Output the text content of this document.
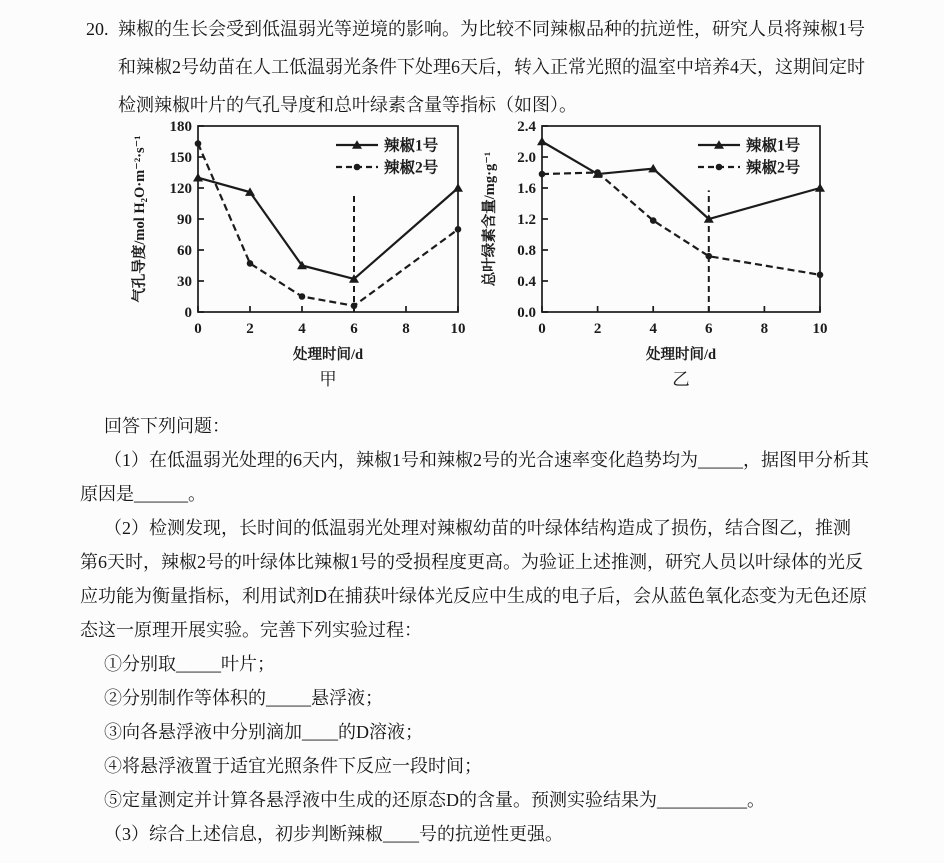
20. 辣椒的生长会受到低温弱光等逆境的影响。为比较不同辣椒品种的抗逆性，研究人员将辣椒1号
和辣椒2号幼苗在人工低温弱光条件下处理6天后，转入正常光照的温室中培养4天，这期间定时
检测辣椒叶片的气孔导度和总叶绿素含量等指标（如图）。
0
30
60
90
120
150
180
0	2	4	6	8	10
辣椒1号
辣椒2号
处理时间/d
气孔导度/mol H₂O·m⁻²·s⁻¹
甲
0.0
0.4
0.8
1.2
1.6
2.0
2.4
0	2	4	6	8	10
辣椒1号
辣椒2号
处理时间/d
总叶绿素含量/mg·g⁻¹
乙
回答下列问题：
（1）在低温弱光处理的6天内，辣椒1号和辣椒2号的光合速率变化趋势均为_____，据图甲分析其
原因是______。
（2）检测发现，长时间的低温弱光处理对辣椒幼苗的叶绿体结构造成了损伤，结合图乙，推测
第6天时，辣椒2号的叶绿体比辣椒1号的受损程度更高。为验证上述推测，研究人员以叶绿体的光反
应功能为衡量指标，利用试剂D在捕获叶绿体光反应中生成的电子后，会从蓝色氧化态变为无色还原
态这一原理开展实验。完善下列实验过程：
①分别取_____叶片；
②分别制作等体积的_____悬浮液；
③向各悬浮液中分别滴加____的D溶液；
④将悬浮液置于适宜光照条件下反应一段时间；
⑤定量测定并计算各悬浮液中生成的还原态D的含量。预测实验结果为__________。
（3）综合上述信息，初步判断辣椒____号的抗逆性更强。
